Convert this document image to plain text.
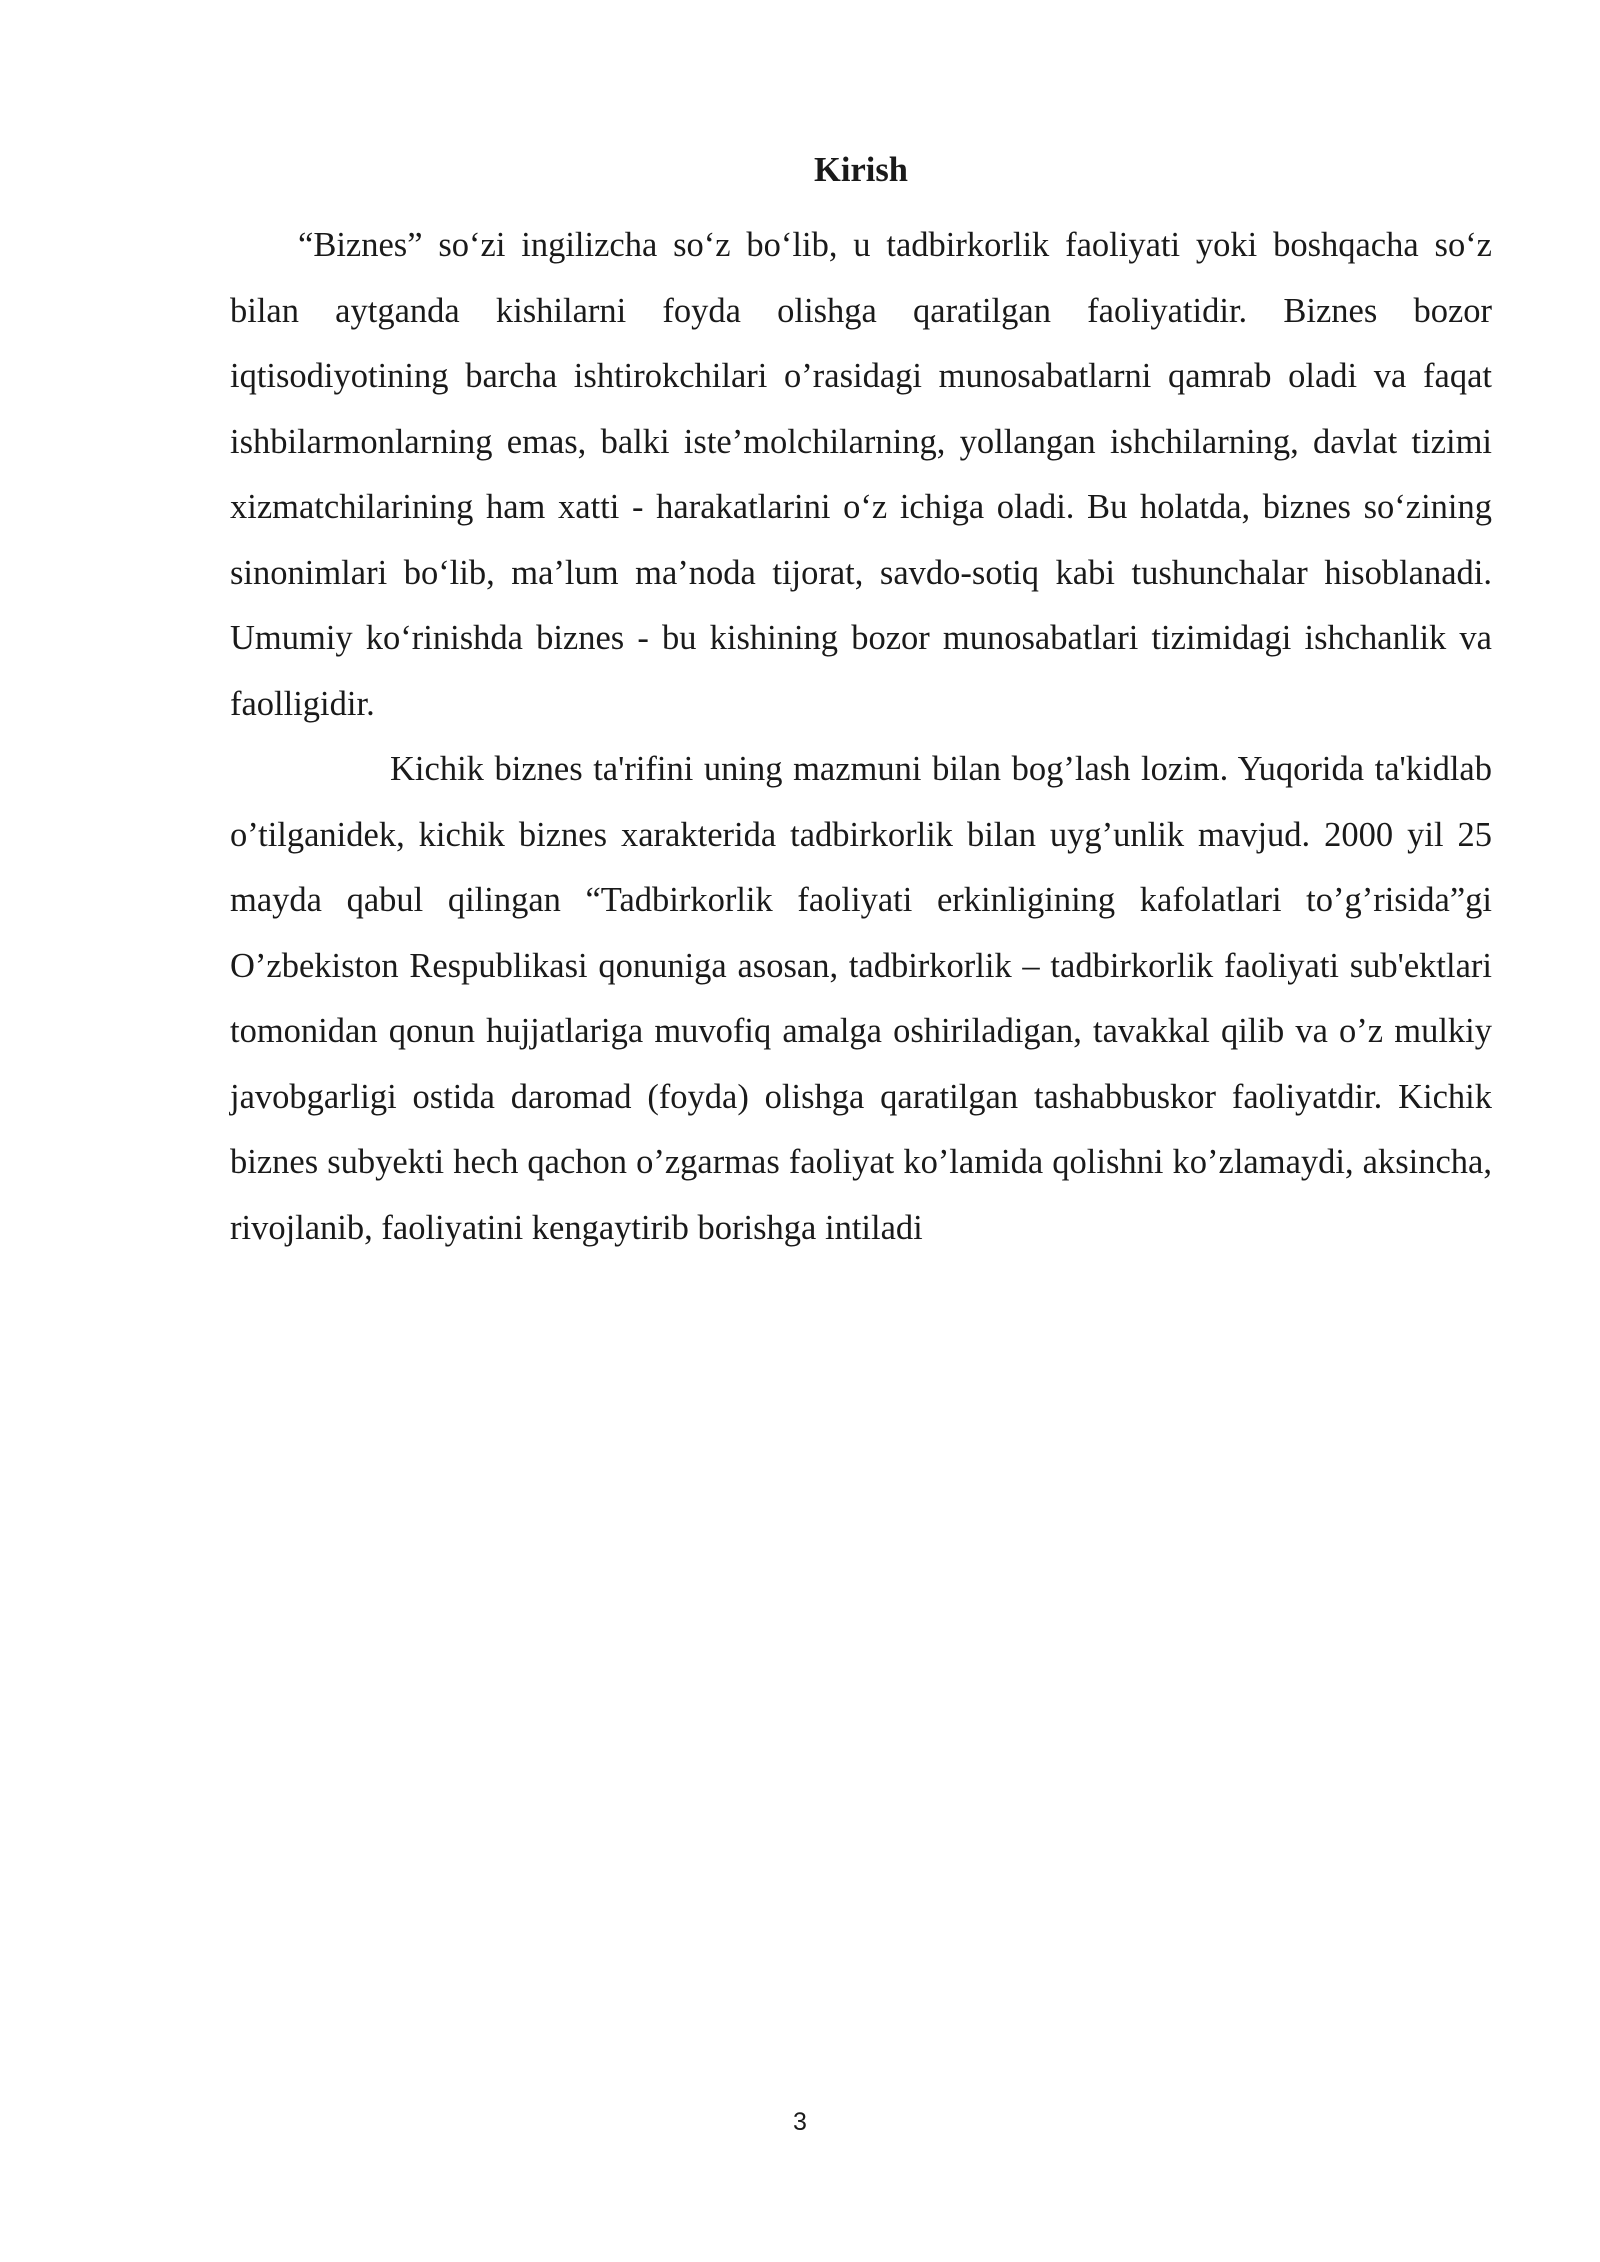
Kirish

“Biznes” so‘zi ingilizcha so‘z bo‘lib, u tadbirkorlik faoliyati yoki boshqacha so‘z bilan aytganda kishilarni foyda olishga qaratilgan faoliyatidir. Biznes bozor iqtisodiyotining barcha ishtirokchilari o’rasidagi munosabatlarni qamrab oladi va faqat ishbilarmonlarning emas, balki iste’molchilarning, yollangan ishchilarning, davlat tizimi xizmatchilarining ham xatti - harakatlarini o‘z ichiga oladi. Bu holatda, biznes so‘zining sinonimlari bo‘lib, ma’lum ma’noda tijorat, savdo-sotiq kabi tushunchalar hisoblanadi. Umumiy ko‘rinishda biznes - bu kishining bozor munosabatlari tizimidagi ishchanlik va faolligidir.

Kichik biznes ta'rifini uning mazmuni bilan bog’lash lozim. Yuqorida ta'kidlab o’tilganidek, kichik biznes xarakterida tadbirkorlik bilan uyg’unlik mavjud. 2000 yil 25 mayda qabul qilingan “Tadbirkorlik faoliyati erkinligining kafolatlari to’g’risida”gi O’zbekiston Respublikasi qonuniga asosan, tadbirkorlik – tadbirkorlik faoliyati sub'ektlari tomonidan qonun hujjatlariga muvofiq amalga oshiriladigan, tavakkal qilib va o’z mulkiy javobgarligi ostida daromad (foyda) olishga qaratilgan tashabbuskor faoliyatdir. Kichik biznes subyekti hech qachon o’zgarmas faoliyat ko’lamida qolishni ko’zlamaydi, aksincha, rivojlanib, faoliyatini kengaytirib borishga intiladi

3
